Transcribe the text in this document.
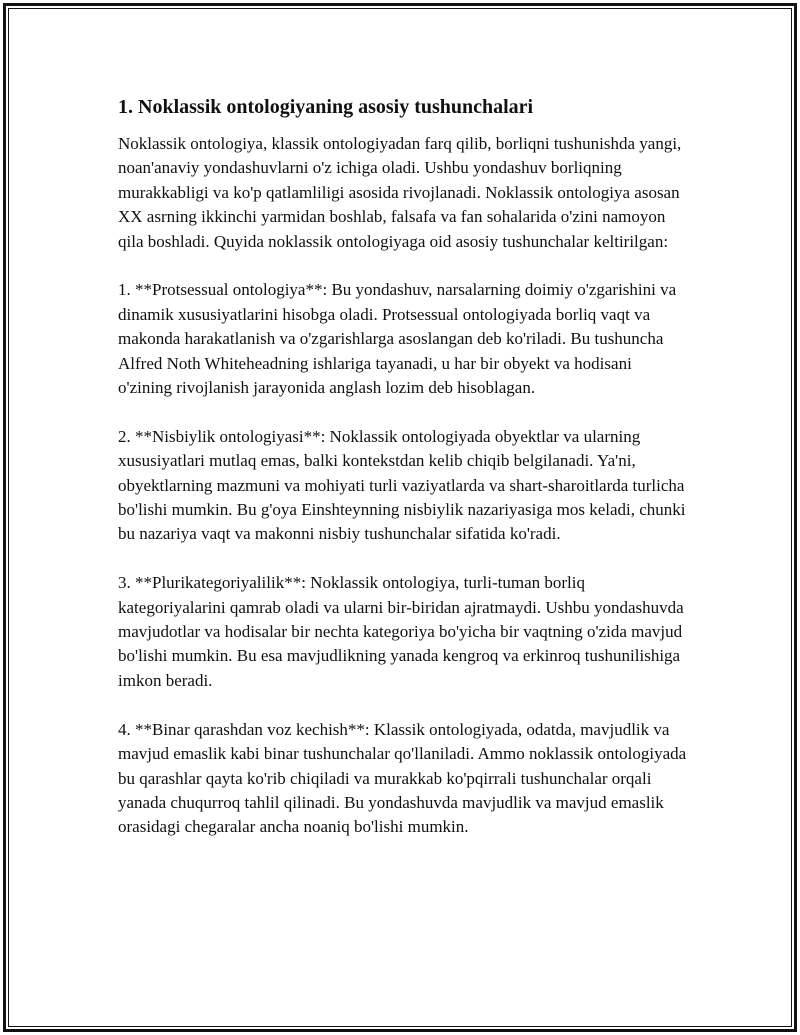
1. Noklassik ontologiyaning asosiy tushunchalari

Noklassik ontologiya, klassik ontologiyadan farq qilib, borliqni tushunishda yangi, noan'anaviy yondashuvlarni o'z ichiga oladi. Ushbu yondashuv borliqning murakkabligi va ko'p qatlamliligi asosida rivojlanadi. Noklassik ontologiya asosan XX asrning ikkinchi yarmidan boshlab, falsafa va fan sohalarida o'zini namoyon qila boshladi. Quyida noklassik ontologiyaga oid asosiy tushunchalar keltirilgan:

1. **Protsessual ontologiya**: Bu yondashuv, narsalarning doimiy o'zgarishini va dinamik xususiyatlarini hisobga oladi. Protsessual ontologiyada borliq vaqt va makonda harakatlanish va o'zgarishlarga asoslangan deb ko'riladi. Bu tushuncha Alfred Noth Whiteheadning ishlariga tayanadi, u har bir obyekt va hodisani o'zining rivojlanish jarayonida anglash lozim deb hisoblagan.

2. **Nisbiylik ontologiyasi**: Noklassik ontologiyada obyektlar va ularning xususiyatlari mutlaq emas, balki kontekstdan kelib chiqib belgilanadi. Ya'ni, obyektlarning mazmuni va mohiyati turli vaziyatlarda va shart-sharoitlarda turlicha bo'lishi mumkin. Bu g'oya Einshteynning nisbiylik nazariyasiga mos keladi, chunki bu nazariya vaqt va makonni nisbiy tushunchalar sifatida ko'radi.

3. **Plurikategoriyalilik**: Noklassik ontologiya, turli-tuman borliq kategoriyalarini qamrab oladi va ularni bir-biridan ajratmaydi. Ushbu yondashuvda mavjudotlar va hodisalar bir nechta kategoriya bo'yicha bir vaqtning o'zida mavjud bo'lishi mumkin. Bu esa mavjudlikning yanada kengroq va erkinroq tushunilishiga imkon beradi.

4. **Binar qarashdan voz kechish**: Klassik ontologiyada, odatda, mavjudlik va mavjud emaslik kabi binar tushunchalar qo'llaniladi. Ammo noklassik ontologiyada bu qarashlar qayta ko'rib chiqiladi va murakkab ko'pqirrali tushunchalar orqali yanada chuqurroq tahlil qilinadi. Bu yondashuvda mavjudlik va mavjud emaslik orasidagi chegaralar ancha noaniq bo'lishi mumkin.
